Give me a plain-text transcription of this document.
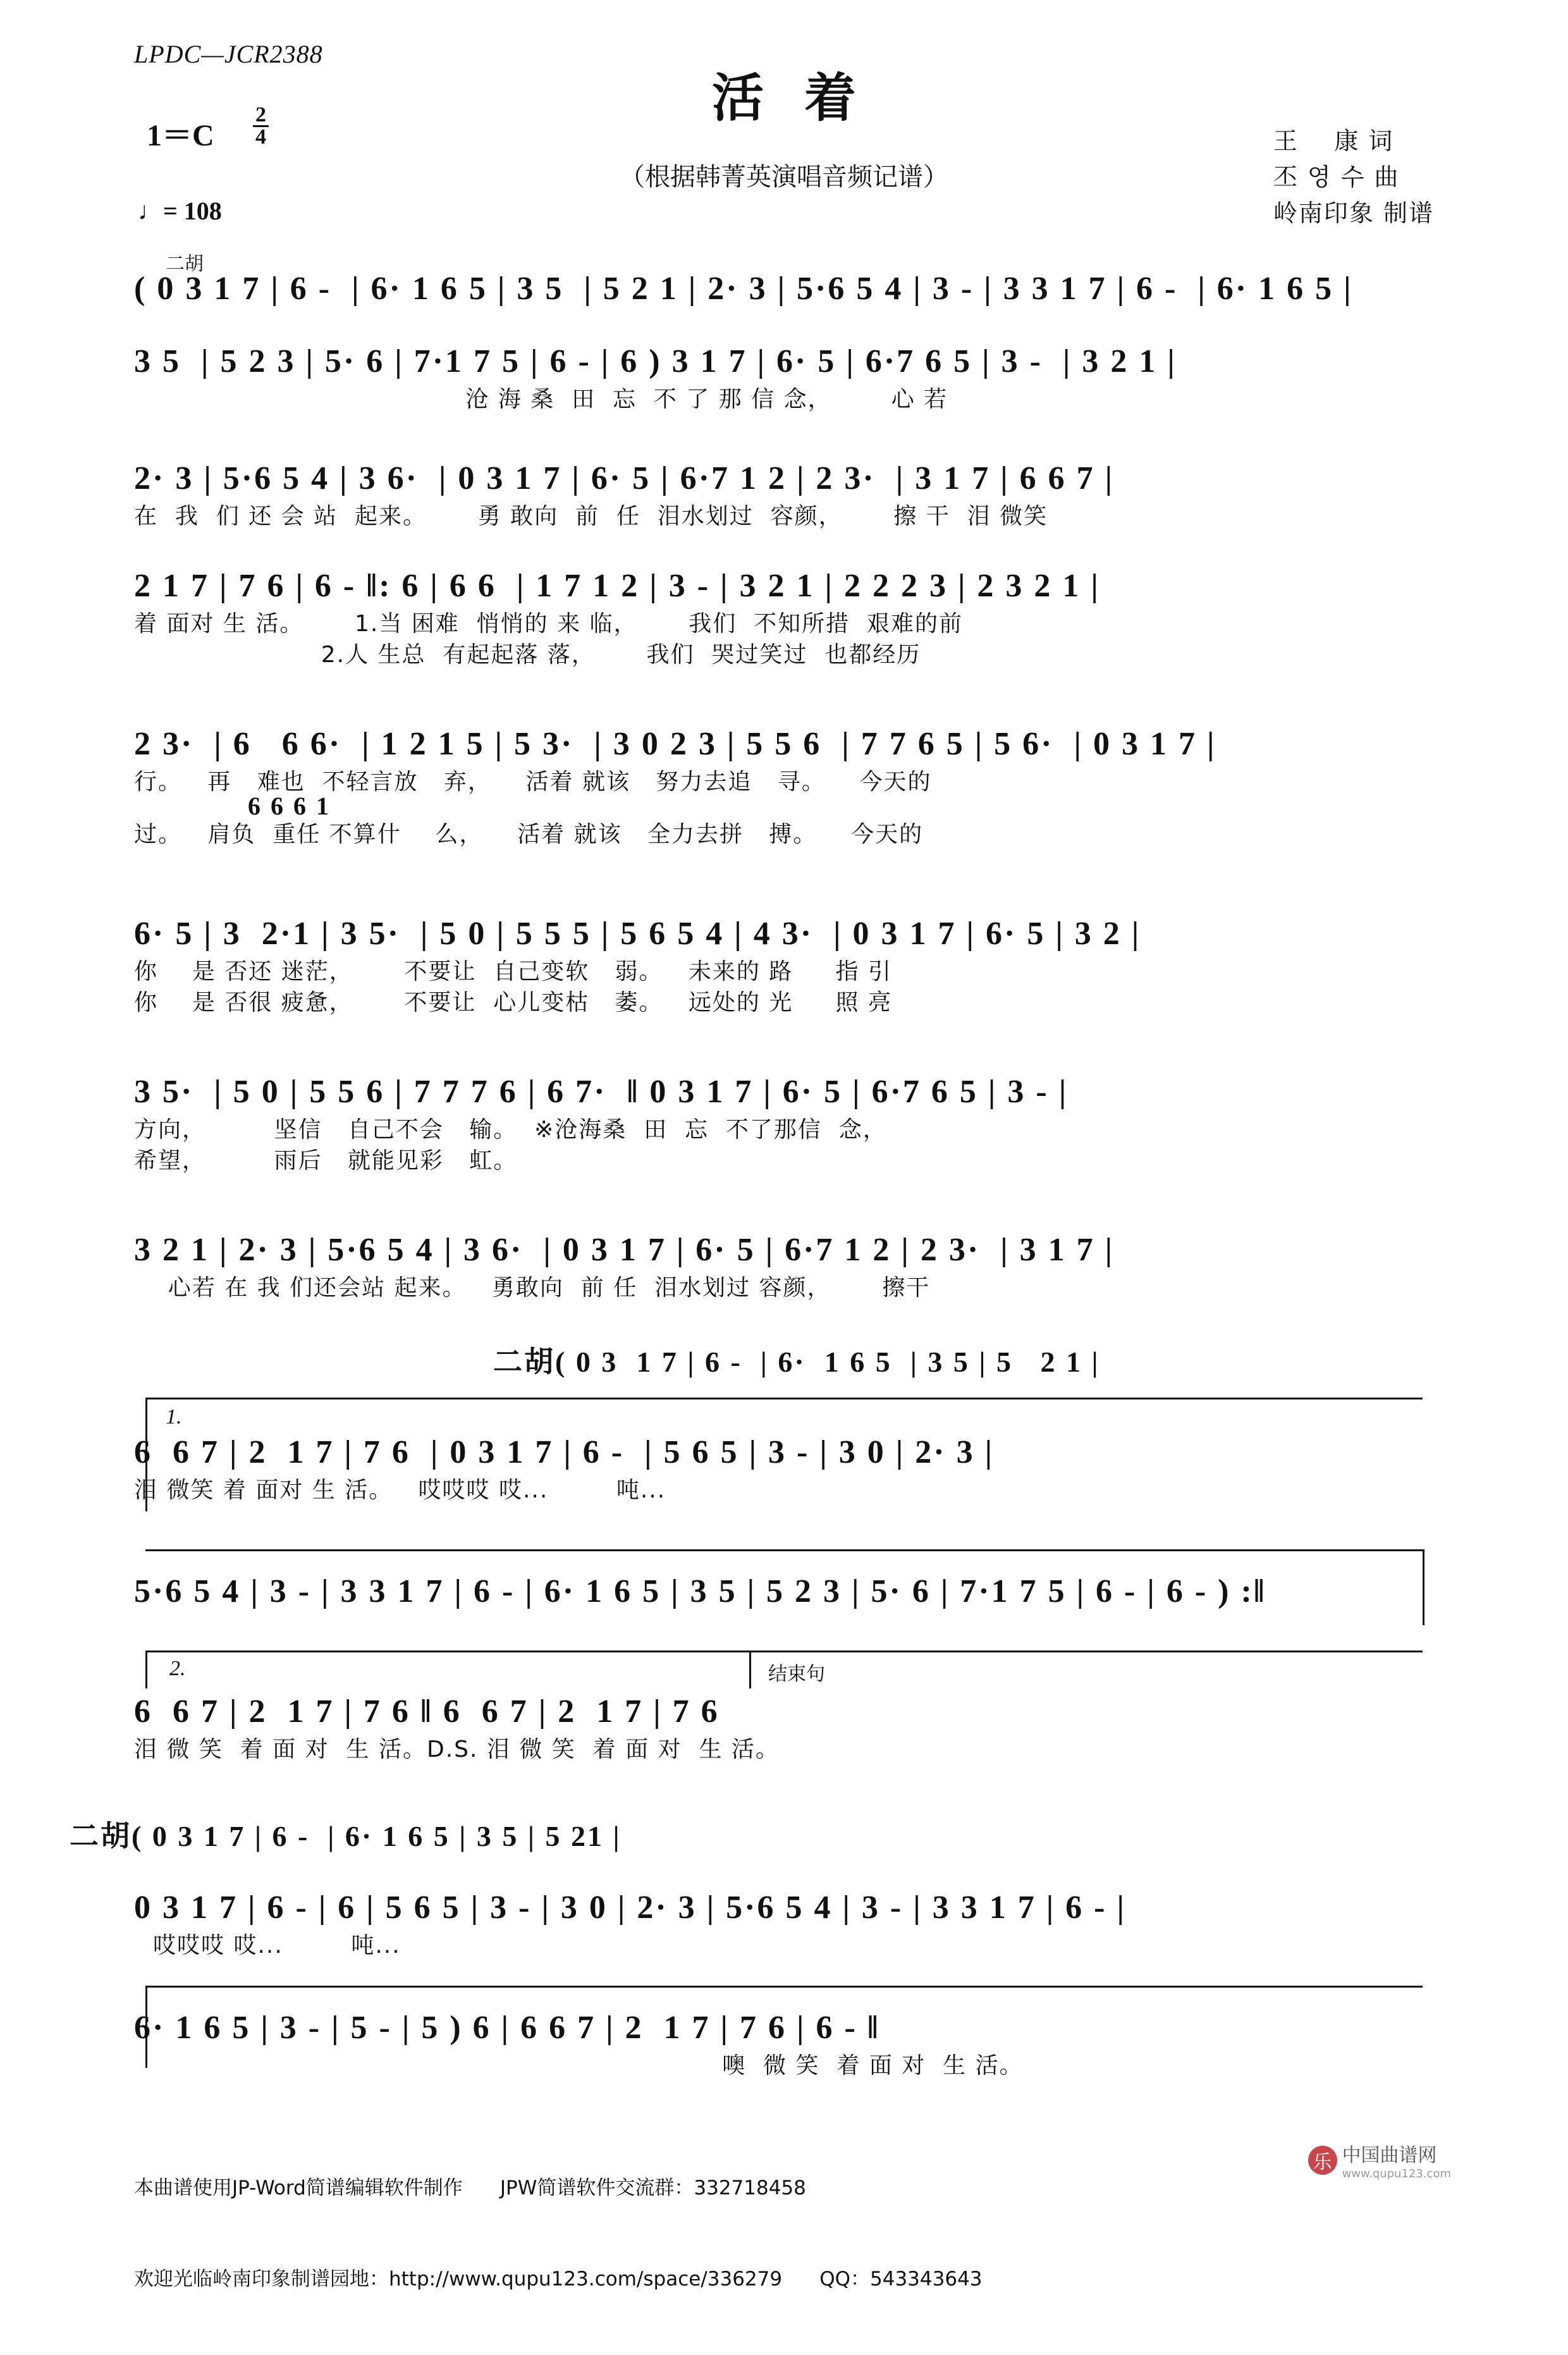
LPDC—JCR2388
活着
（根据韩菁英演唱音频记谱）
$1=C \frac{2}{4}$
♩= 108
王    康 词
丕 영 수 曲
岭南印象 制谱
二胡
( 0 3 1 7 | 6 -  | 6· 1 6 5 | 3 5  | 5 2 1 | 2· 3 | 5·6 5 4 | 3 - | 3 3 1 7 | 6 -  | 6· 1 6 5 |
3 5  | 5 2 3 | 5· 6 | 7·1 7 5 | 6 - | 6 ) 3 1 7 | 6· 5 | 6·7 6 5 | 3 -  | 3 2 1 |
沧 海 桑  田  忘  不 了 那 信 念，       心 若
2· 3 | 5·6 5 4 | 3 6·  | 0 3 1 7 | 6· 5 | 6·7 1 2 | 2 3·  | 3 1 7 | 6 6 7 |
在  我  们 还 会 站  起来。      勇 敢向  前  任  泪水划过  容颜，      擦 干  泪 微笑
2 1 7 | 7 6 | 6 - ‖: 6 | 6 6  | 1 7 1 2 | 3 - | 3 2 1 | 2 2 2 3 | 2 3 2 1 |
着 面对 生 活。      1.当 困难  悄悄的 来 临，      我们  不知所措  艰难的前
2.人 生总  有起起落 落，      我们  哭过笑过  也都经历
2 3·  | 6   6 6·  | 1 2 1 5 | 5 3·  | 3 0 2 3 | 5 5 6  | 7 7 6 5 | 5 6·  | 0 3 1 7 |
行。   再   难也  不轻言放   弃，    活着 就该   努力去追   寻。    今天的
6 6 6 1
过。   肩负  重任 不算什    么，    活着 就该   全力去拼   搏。    今天的
6· 5 | 3  2·1 | 3 5·  | 5 0 | 5 5 5 | 5 6 5 4 | 4 3·  | 0 3 1 7 | 6· 5 | 3 2 |
你    是 否还 迷茫，      不要让  自己变软   弱。   未来的 路     指 引
你    是 否很 疲惫，      不要让  心儿变枯   萎。   远处的 光     照 亮
3 5·  | 5 0 | 5 5 6 | 7 7 7 6 | 6 7·  ‖ 0 3 1 7 | 6· 5 | 6·7 6 5 | 3 - |
方向，        坚信   自己不会   输。  ※沧海桑  田  忘  不了那信  念，
希望，        雨后   就能见彩   虹。
3 2 1 | 2· 3 | 5·6 5 4 | 3 6·  | 0 3 1 7 | 6· 5 | 6·7 1 2 | 2 3·  | 3 1 7 |
心若 在 我 们还会站 起来。   勇敢向  前 任  泪水划过 容颜，      擦干
二胡( 0 3  1 7 | 6 -  | 6·  1 6 5  | 3 5 | 5   2 1 |
1.
6  6 7 | 2  1 7 | 7 6  | 0 3 1 7 | 6 -  | 5 6 5 | 3 - | 3 0 | 2· 3 |
泪 微笑 着 面对 生 活。   哎哎哎 哎...        吨...
5·6 5 4 | 3 - | 3 3 1 7 | 6 - | 6· 1 6 5 | 3 5 | 5 2 3 | 5· 6 | 7·1 7 5 | 6 - | 6 - ) :‖
2.	结束句
6  6 7 | 2  1 7 | 7 6 ‖ 6  6 7 | 2  1 7 | 7 6
泪 微 笑  着 面 对  生 活。D.S. 泪 微 笑  着 面 对  生 活。
二胡( 0 3 1 7 | 6 -  | 6· 1 6 5 | 3 5 | 5 21 |
0 3 1 7 | 6 - | 6 | 5 6 5 | 3 - | 3 0 | 2· 3 | 5·6 5 4 | 3 - | 3 3 1 7 | 6 - |
哎哎哎 哎...        吨...
6· 1 6 5 | 3 - | 5 - | 5 ) 6 | 6 6 7 | 2  1 7 | 7 6 | 6 - ‖
噢  微 笑  着 面 对  生 活。

本曲谱使用JP-Word简谱编辑软件制作      JPW简谱软件交流群：332718458

欢迎光临岭南印象制谱园地：http://www.qupu123.com/space/336279      QQ：543343643

乐 中国曲谱网
www.qupu123.com
